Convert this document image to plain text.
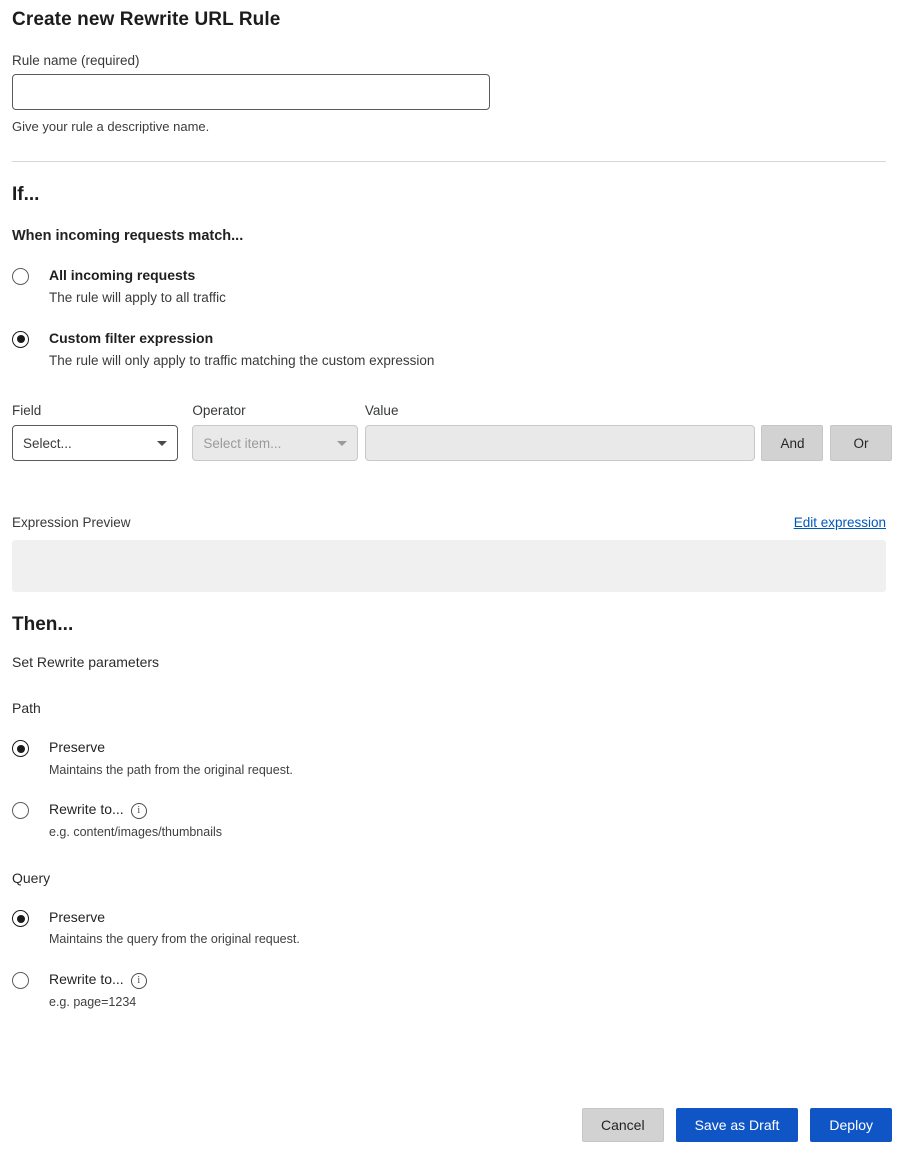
Create new Rewrite URL Rule
Rule name (required)
Give your rule a descriptive name.
If...
When incoming requests match...
All incoming requests
The rule will apply to all traffic
Custom filter expression
The rule will only apply to traffic matching the custom expression
Field
Select...
Operator
Select item...
Value
And	Or
Expression Preview	Edit expression
Then...
Set Rewrite parameters
Path
Preserve
Maintains the path from the original request.
Rewrite to... i
e.g. content/images/thumbnails
Query
Preserve
Maintains the query from the original request.
Rewrite to... i
e.g. page=1234
Cancel	Save as Draft	Deploy
